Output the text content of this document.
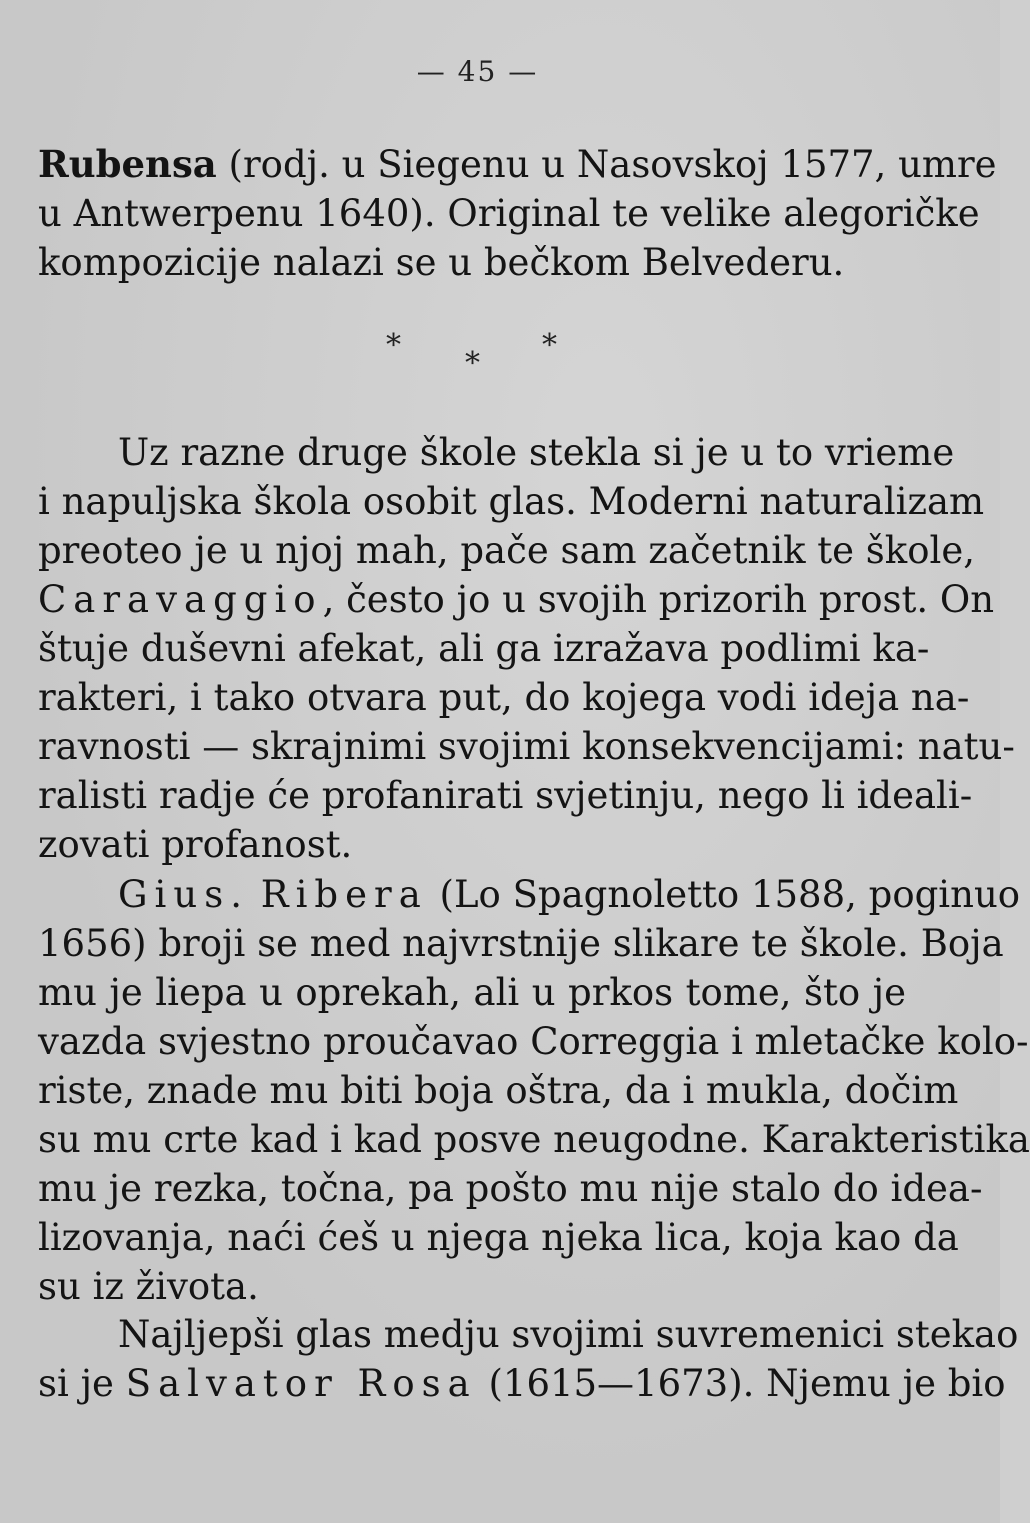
— 45 —
Rubensa (rodj. u Siegenu u Nasovskoj 1577, umre
u Antwerpenu 1640). Original te velike alegoričke
kompozicije nalazi se u bečkom Belvederu.
*
*
*
Uz razne druge škole stekla si je u to vrieme
i napuljska škola osobit glas. Moderni naturalizam
preoteo je u njoj mah, pače sam začetnik te škole,
Caravaggio, često jo u svojih prizorih prost. On
štuje duševni afekat, ali ga izražava podlimi ka-
rakteri, i tako otvara put, do kojega vodi ideja na-
ravnosti — skrajnimi svojimi konsekvencijami: natu-
ralisti radje će profanirati svjetinju, nego li ideali-
zovati profanost.
Gius. Ribera (Lo Spagnoletto 1588, poginuo
1656) broji se med najvrstnije slikare te škole. Boja
mu je liepa u oprekah, ali u prkos tome, što je
vazda svjestno proučavao Correggia i mletačke kolo-
riste, znade mu biti boja oštra, da i mukla, dočim
su mu crte kad i kad posve neugodne. Karakteristika
mu je rezka, točna, pa pošto mu nije stalo do idea-
lizovanja, naći ćeš u njega njeka lica, koja kao da
su iz života.
Najljepši glas medju svojimi suvremenici stekao
si je Salvator Rosa (1615—1673). Njemu je bio
